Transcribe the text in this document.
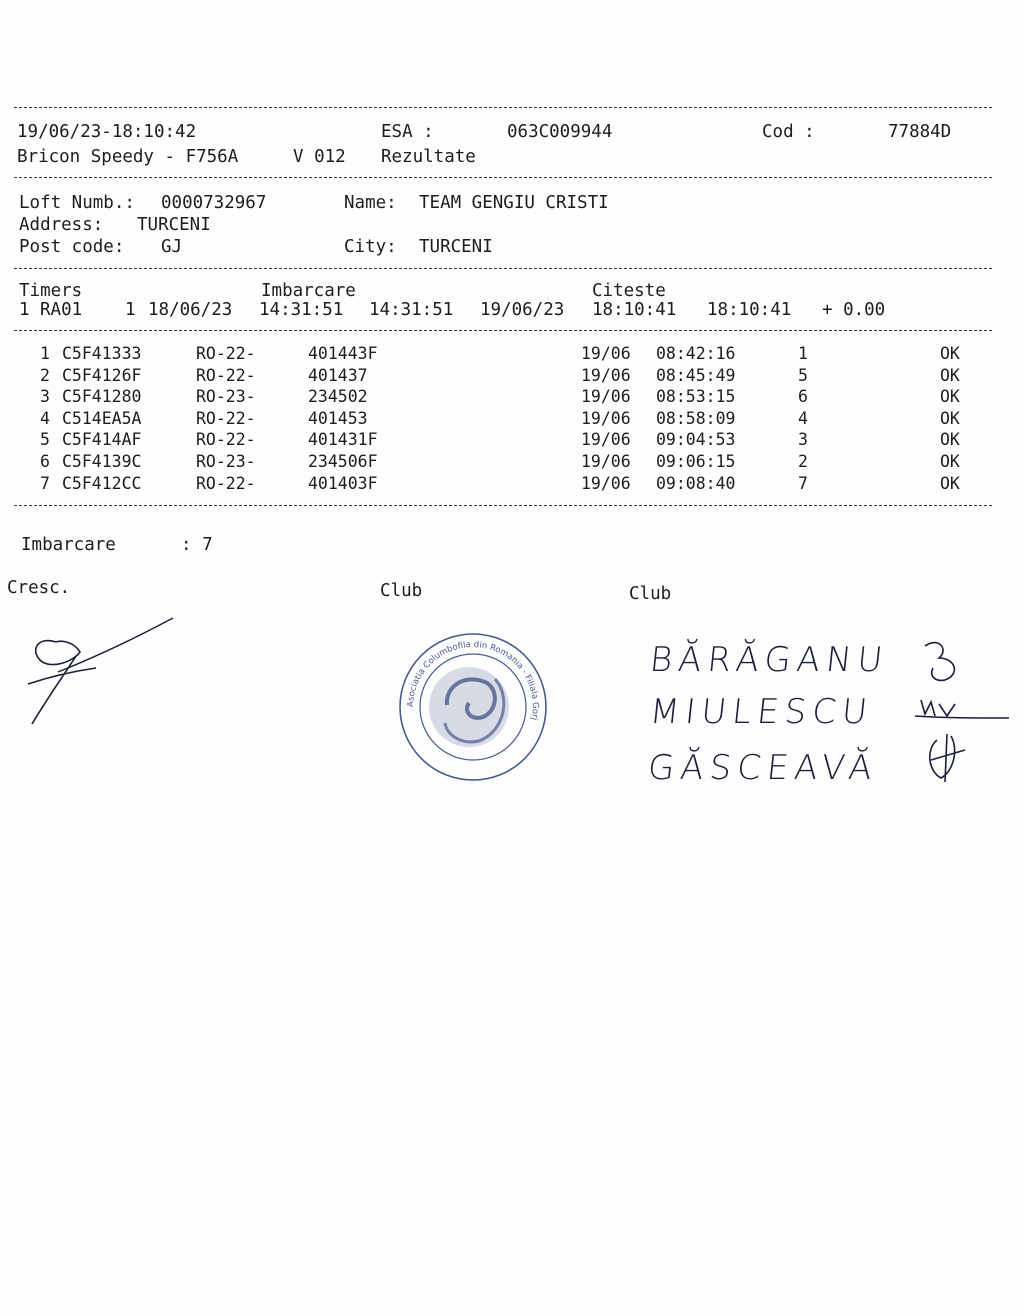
19/06/23-18:10:42	ESA :	063C009944	Cod :	77884D
Bricon Speedy - F756A	V 012 Rezultate
Loft Numb.: 0000732967	Name: TEAM GENGIU CRISTI
Address: TURCENI
Post code: GJ	City: TURCENI
Timers	Imbarcare	Citeste
1 RA01 1 18/06/23 14:31:51 14:31:51 19/06/23 18:10:41 18:10:41 + 0.00
1 C5F41333	RO-22-	401443F	19/06 08:42:16	1	OK
2 C5F4126F	RO-22-	401437	19/06 08:45:49	5	OK
3 C5F41280	RO-23-	234502	19/06 08:53:15	6	OK
4 C514EA5A	RO-22-	401453	19/06 08:58:09	4	OK
5 C5F414AF	RO-22-	401431F	19/06 09:04:53	3	OK
6 C5F4139C	RO-23-	234506F	19/06 09:06:15	2	OK
7 C5F412CC	RO-22-	401403F	19/06 09:08:40	7	OK
Imbarcare	: 7
Cresc.	Club	Club
Asociatia Columbofila din Romania - Filiala Gorj
BĂRĂGANU
MIULESCU
GĂSCEAVĂ
